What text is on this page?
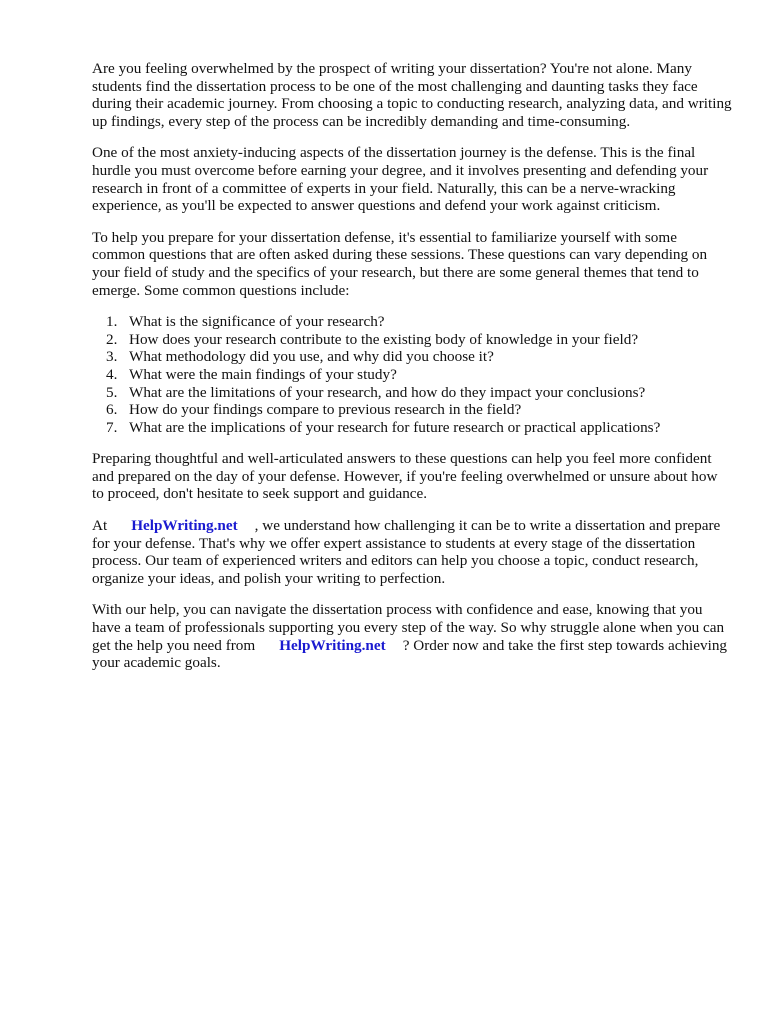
Are you feeling overwhelmed by the prospect of writing your dissertation? You're not alone. Many students find the dissertation process to be one of the most challenging and daunting tasks they face during their academic journey. From choosing a topic to conducting research, analyzing data, and writing up findings, every step of the process can be incredibly demanding and time-consuming.

One of the most anxiety-inducing aspects of the dissertation journey is the defense. This is the final hurdle you must overcome before earning your degree, and it involves presenting and defending your research in front of a committee of experts in your field. Naturally, this can be a nerve-wracking experience, as you'll be expected to answer questions and defend your work against criticism.

To help you prepare for your dissertation defense, it's essential to familiarize yourself with some common questions that are often asked during these sessions. These questions can vary depending on your field of study and the specifics of your research, but there are some general themes that tend to emerge. Some common questions include:

1. What is the significance of your research?
2. How does your research contribute to the existing body of knowledge in your field?
3. What methodology did you use, and why did you choose it?
4. What were the main findings of your study?
5. What are the limitations of your research, and how do they impact your conclusions?
6. How do your findings compare to previous research in the field?
7. What are the implications of your research for future research or practical applications?

Preparing thoughtful and well-articulated answers to these questions can help you feel more confident and prepared on the day of your defense. However, if you're feeling overwhelmed or unsure about how to proceed, don't hesitate to seek support and guidance.

At HelpWriting.net , we understand how challenging it can be to write a dissertation and prepare for your defense. That's why we offer expert assistance to students at every stage of the dissertation process. Our team of experienced writers and editors can help you choose a topic, conduct research, organize your ideas, and polish your writing to perfection.

With our help, you can navigate the dissertation process with confidence and ease, knowing that you have a team of professionals supporting you every step of the way. So why struggle alone when you can get the help you need from HelpWriting.net ? Order now and take the first step towards achieving your academic goals.
